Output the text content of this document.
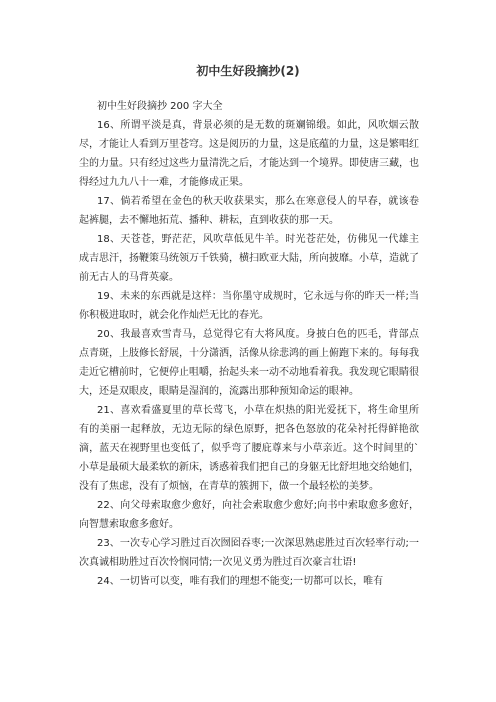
初中生好段摘抄(2)

初中生好段摘抄 200 字大全

16、所谓平淡是真，背景必须的是无数的斑斓锦缎。如此，风吹烟云散尽，才能让人看到万里苍穹。这是阅历的力量，这是底蕴的力量，这是繁唱红尘的力量。只有经过这些力量清洗之后，才能达到一个境界。即使唐三藏，也得经过九九八十一难，才能修成正果。

17、倘若希望在金色的秋天收获果实，那么在寒意侵人的早春，就该卷起裤腿，去不懈地拓荒、播种、耕耘，直到收获的那一天。

18、天苍苍，野茫茫，风吹草低见牛羊。时光苍茫处，仿佛见一代雄主成吉思汗，扬鞭策马统领万千铁骑，横扫欧亚大陆，所向披靡。小草，造就了前无古人的马背英豪。

19、未来的东西就是这样：当你墨守成规时，它永远与你的昨天一样;当你积极进取时，就会化作灿烂无比的春光。

20、我最喜欢雪青马，总觉得它有大将风度。身披白色的匹毛，背部点点青斑，上肢修长舒展，十分潇洒，活像从徐悲鸿的画上俯跑下来的。每每我走近它槽前时，它便停止咀嚼，抬起头来一动不动地看着我。我发现它眼睛很大，还是双眼皮，眼睛是湿润的，流露出那种预知命运的眼神。

21、喜欢看盛夏里的草长莺飞，小草在炽热的阳光爱抚下，将生命里所有的美丽一起释放，无边无际的绿色原野，把各色怒放的花朵衬托得鲜艳欲滴，蓝天在视野里也变低了，似乎弯了腰庇尊来与小草亲近。这个时间里的`小草是最硕大最柔软的新床，诱惑着我们把自己的身躯无比舒坦地交给她们，没有了焦虑，没有了烦恼，在青草的簇拥下，做一个最轻松的美梦。

22、向父母索取愈少愈好，向社会索取愈少愈好;向书中索取愈多愈好，向智慧索取愈多愈好。

23、一次专心学习胜过百次囫囵吞枣;一次深思熟虑胜过百次轻率行动;一次真诚相助胜过百次怜悯同情;一次见义勇为胜过百次豪言壮语!

24、一切皆可以变，唯有我们的理想不能变;一切都可以长，唯有
